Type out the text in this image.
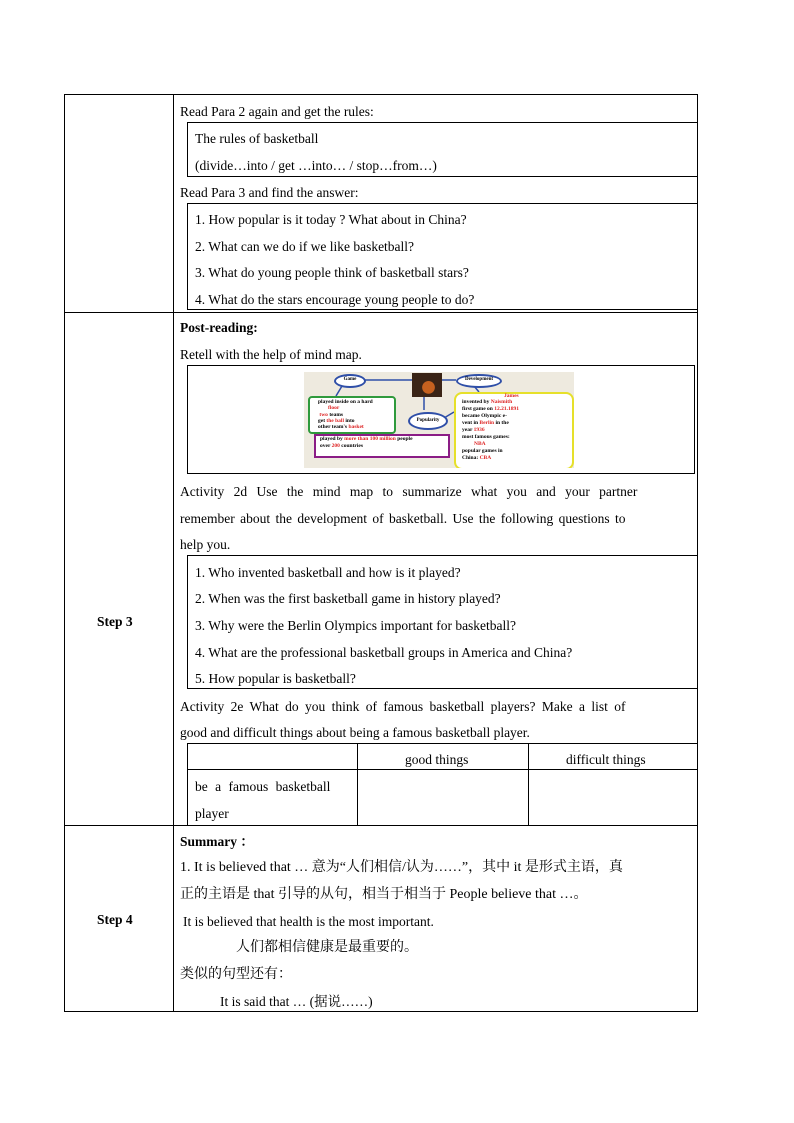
Read Para 2 again and get the rules:
The rules of basketball
(divide…into / get …into… / stop…from…)
Read Para 3 and find the answer:
1. How popular is it today ? What about in China?
2. What can we do if we like basketball?
3. What do young people think of basketball stars?
4. What do the stars encourage young people to do?
Step 3
Post-reading:
Retell with the help of mind map.
Game	Development
Popularity
played inside on a hard
floor
two teams
get the ball into
other team's basket
played by more than 100 million people
over 200 countries
James
invented by Naismith
first game on 12.21.1891
became Olympic e-
vent in Berlin in the
year 1936
most famous games:
NBA
popular games in
China: CBA
Activity 2d Use the mind map to summarize what you and your partner
remember about the development of basketball. Use the following questions to
help you.
1. Who invented basketball and how is it played?
2. When was the first basketball game in history played?
3. Why were the Berlin Olympics important for basketball?
4. What are the professional basketball groups in America and China?
5. How popular is basketball?
Activity 2e What do you think of famous basketball players? Make a list of
good and difficult things about being a famous basketball player.
good things	difficult things
be a famous basketball
player
Step 4
Summary ：
1. It is believed that … 意为“人们相信/认为……”，其中 it 是形式主语，真
正的主语是 that 引导的从句，相当于相当于 People believe that …。
It is believed that health is the most important.
人们都相信健康是最重要的。
类似的句型还有：
It is said that … (据说……)
